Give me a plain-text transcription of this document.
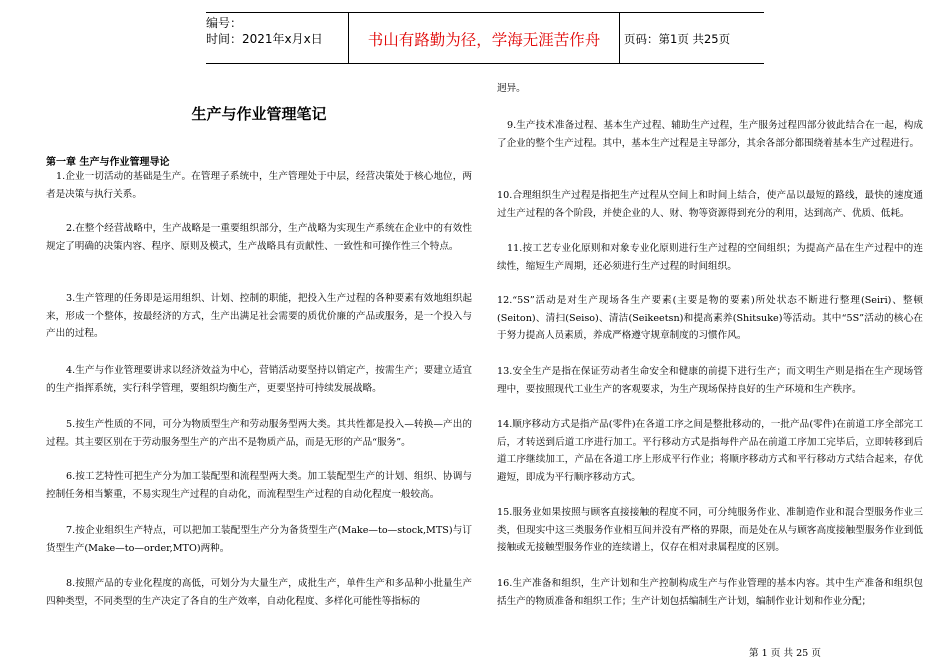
编号：
时间：2021年x月x日	书山有路勤为径，学海无涯苦作舟	页码：第1页 共25页
生产与作业管理笔记
第一章 生产与作业管理导论

1.企业一切活动的基础是生产。在管理子系统中，生产管理处于中层，经营决策处于核心地位，两者是决策与执行关系。

2.在整个经营战略中，生产战略是一重要组织部分，生产战略为实现生产系统在企业中的有效性规定了明确的决策内容、程序、原则及模式，生产战略具有贡献性、一致性和可操作性三个特点。

3.生产管理的任务即是运用组织、计划、控制的职能，把投入生产过程的各种要素有效地组织起来，形成一个整体，按最经济的方式，生产出满足社会需要的质优价廉的产品或服务，是一个投入与产出的过程。

4.生产与作业管理要讲求以经济效益为中心，营销活动要坚持以销定产，按需生产；要建立适宜的生产指挥系统，实行科学管理，要组织均衡生产，更要坚持可持续发展战略。

5.按生产性质的不同，可分为物质型生产和劳动服务型两大类。其共性都是投入—转换—产出的过程。其主要区别在于劳动服务型生产的产出不是物质产品，而是无形的产品“服务”。

6.按工艺特性可把生产分为加工装配型和流程型两大类。加工装配型生产的计划、组织、协调与控制任务相当繁重，不易实现生产过程的自动化，而流程型生产过程的自动化程度一般较高。

7.按企业组织生产特点，可以把加工装配型生产分为备货型生产(Make—to—stock,MTS)与订货型生产(Make—to—order,MTO)两种。

8.按照产品的专业化程度的高低，可划分为大量生产，成批生产，单件生产和多品种小批量生产四种类型，不同类型的生产决定了各自的生产效率，自动化程度、多样化可能性等指标的

迥异。

9.生产技术准备过程、基本生产过程、辅助生产过程，生产服务过程四部分彼此结合在一起，构成了企业的整个生产过程。其中，基本生产过程是主导部分，其余各部分都围绕着基本生产过程进行。

10.合理组织生产过程是指把生产过程从空间上和时间上结合，使产品以最短的路线，最快的速度通过生产过程的各个阶段，并使企业的人、财、物等资源得到充分的利用，达到高产、优质、低耗。

11.按工艺专业化原则和对象专业化原则进行生产过程的空间组织；为提高产品在生产过程中的连续性，缩短生产周期，还必须进行生产过程的时间组织。

12.“5S”活动是对生产现场各生产要素(主要是物的要素)所处状态不断进行整理(Seiri)、整顿(Seiton)、清扫(Seiso)、清洁(Seikeetsn)和提高素养(Shitsuke)等活动。其中“5S”活动的核心在于努力提高人员素质，养成严格遵守规章制度的习惯作风。

13.安全生产是指在保证劳动者生命安全和健康的前提下进行生产；而文明生产则是指在生产现场管理中，要按照现代工业生产的客观要求，为生产现场保持良好的生产环境和生产秩序。

14.顺序移动方式是指产品(零件)在各道工序之间是整批移动的，一批产品(零件)在前道工序全部完工后，才转送到后道工序进行加工。平行移动方式是指每件产品在前道工序加工完毕后，立即转移到后道工序继续加工，产品在各道工序上形成平行作业；将顺序移动方式和平行移动方式结合起来，存优避短，即成为平行顺序移动方式。

15.服务业如果按照与顾客直接接触的程度不同，可分纯服务作业、准制造作业和混合型服务作业三类，但现实中这三类服务作业相互间并没有严格的界限，而是处在从与顾客高度接触型服务作业到低接触或无接触型服务作业的连续谱上，仅存在相对隶属程度的区别。

16.生产准备和组织，生产计划和生产控制构成生产与作业管理的基本内容。其中生产准备和组织包括生产的物质准备和组织工作；生产计划包括编制生产计划，编制作业计划和作业分配；

第 1 页 共 25 页
